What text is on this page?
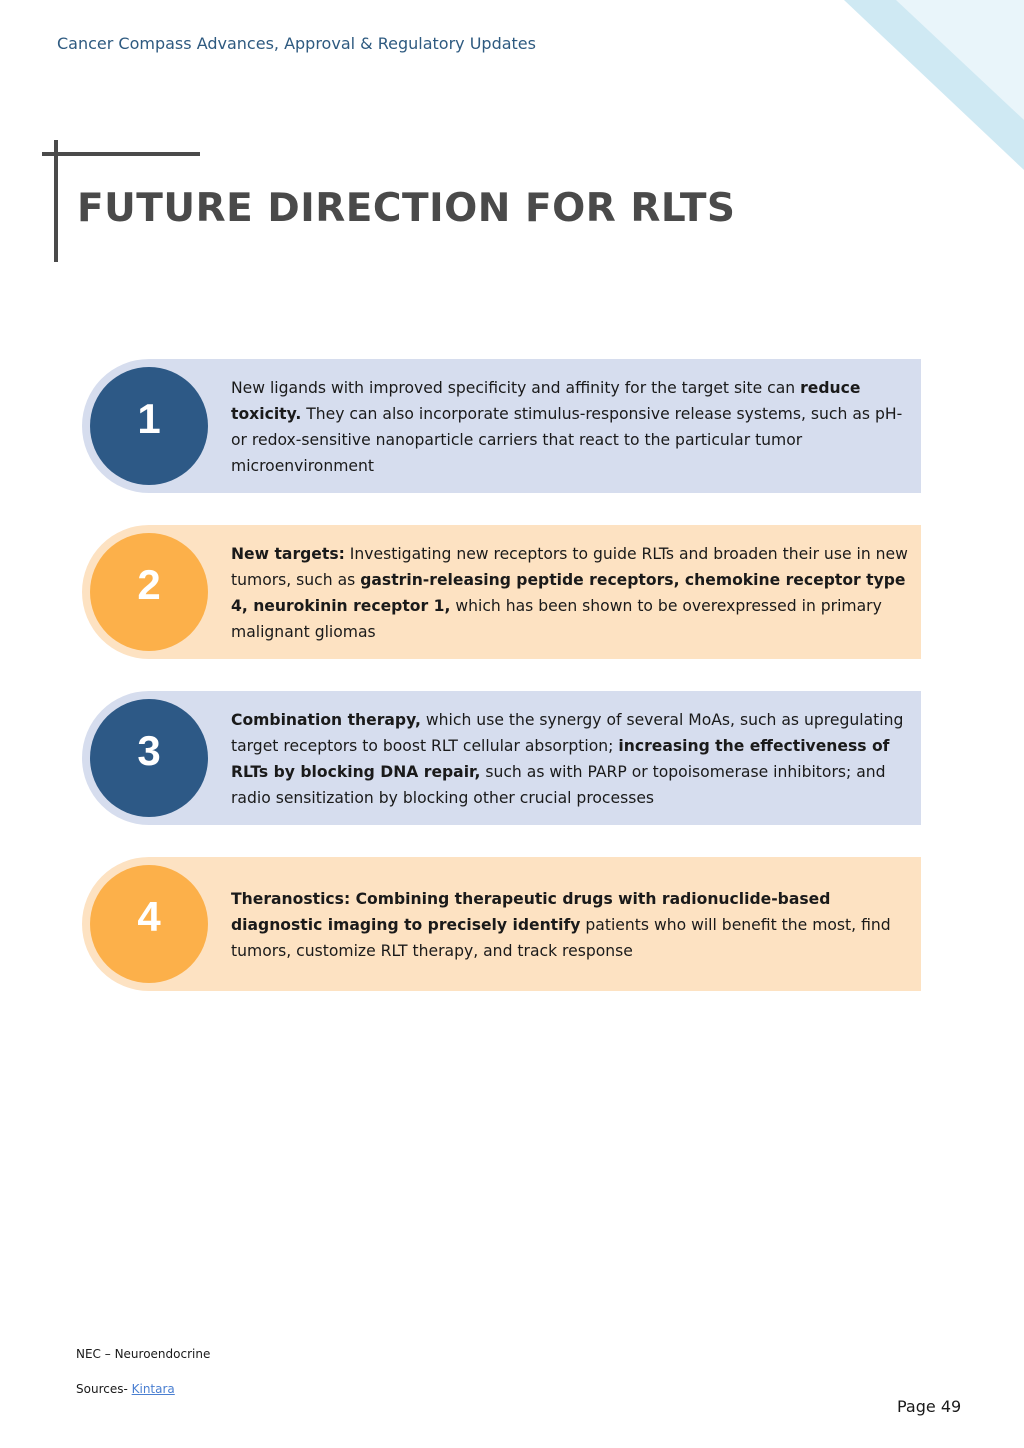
Cancer Compass Advances, Approval & Regulatory Updates
FUTURE DIRECTION FOR RLTS
1
New ligands with improved specificity and affinity for the target site can reduce toxicity. They can also incorporate stimulus-responsive release systems, such as pH- or redox-sensitive nanoparticle carriers that react to the particular tumor microenvironment
2
New targets: Investigating new receptors to guide RLTs and broaden their use in new tumors, such as gastrin-releasing peptide receptors, chemokine receptor type 4, neurokinin receptor 1, which has been shown to be overexpressed in primary malignant gliomas
3
Combination therapy, which use the synergy of several MoAs, such as upregulating target receptors to boost RLT cellular absorption; increasing the effectiveness of RLTs by blocking DNA repair, such as with PARP or topoisomerase inhibitors; and radio sensitization by blocking other crucial processes
4	Theranostics: Combining therapeutic drugs with radionuclide-based diagnostic imaging to precisely identify patients who will benefit the most, find tumors, customize RLT therapy, and track response
NEC – Neuroendocrine
Sources- Kintara
Page 49
